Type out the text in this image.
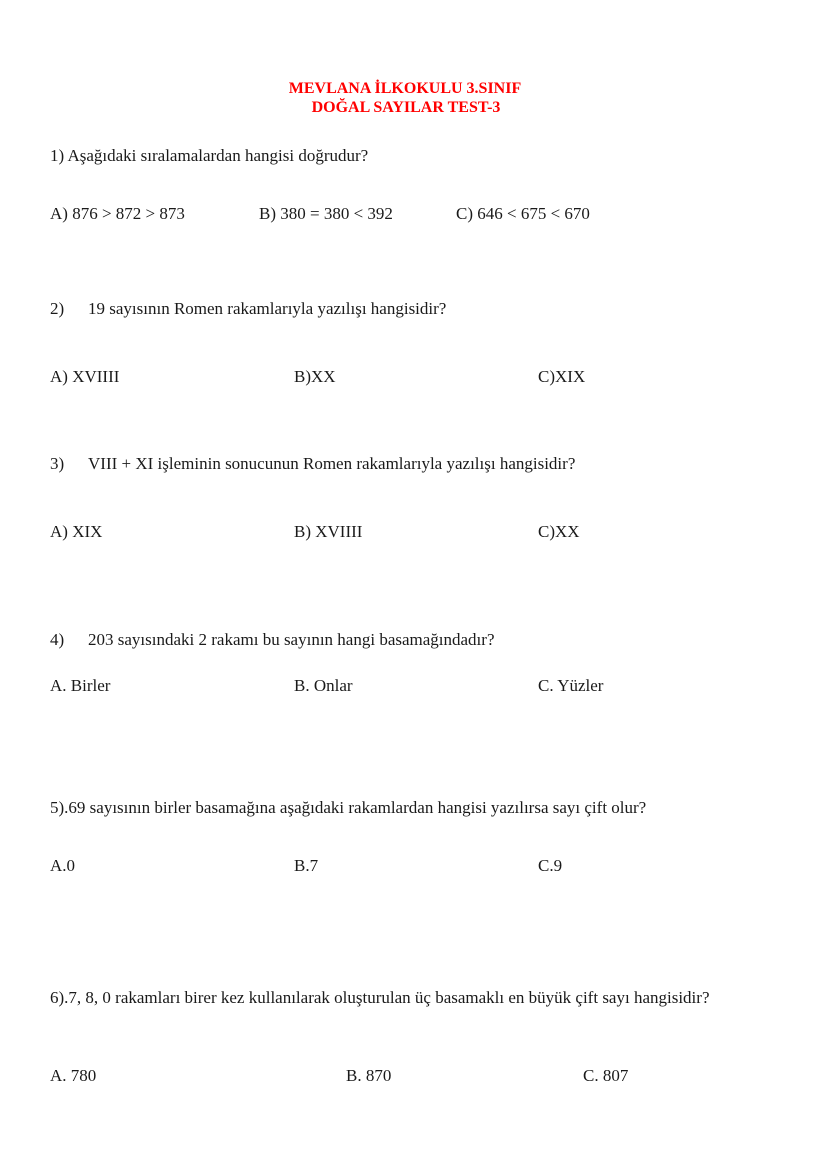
MEVLANA İLKOKULU 3.SINIF
DOĞAL SAYILAR TEST-3
1) Aşağıdaki sıralamalardan hangisi doğrudur?
A) 876 > 872 > 873	B) 380 = 380 < 392	C) 646 < 675 < 670
2) 19 sayısının Romen rakamlarıyla yazılışı hangisidir?
A) XVIIII	B)XX	C)XIX
3) VIII + XI işleminin sonucunun Romen rakamlarıyla yazılışı hangisidir?
A) XIX	B) XVIIII	C)XX
4) 203 sayısındaki 2 rakamı bu sayının hangi basamağındadır?
A. Birler	B. Onlar	C. Yüzler
5).69 sayısının birler basamağına aşağıdaki rakamlardan hangisi yazılırsa sayı çift olur?
A.0	B.7	C.9
6).7, 8, 0 rakamları birer kez kullanılarak oluşturulan üç basamaklı en büyük çift sayı hangisidir?
A. 780	B. 870	C. 807
